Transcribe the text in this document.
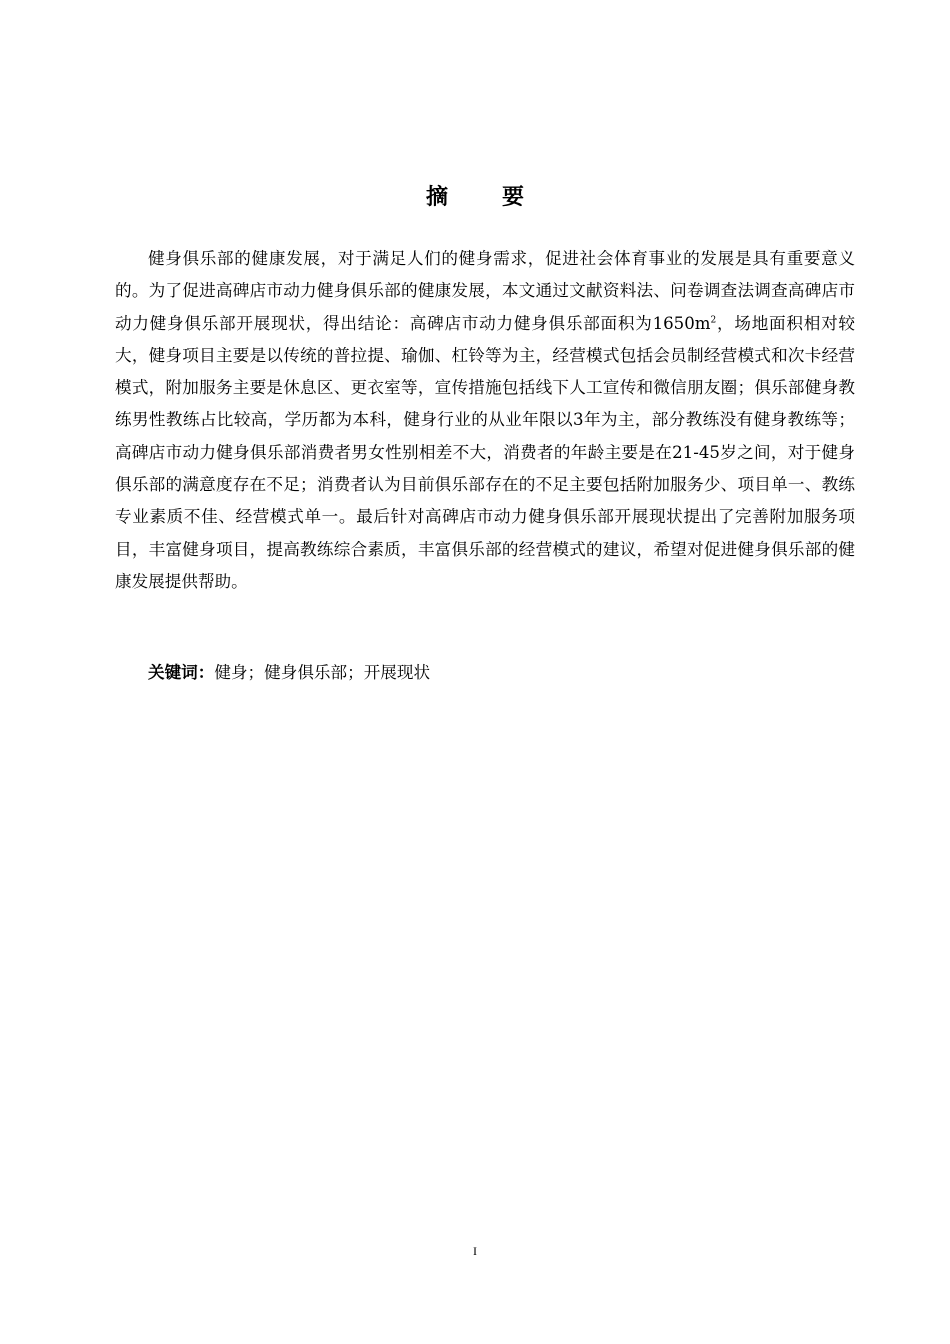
摘 要

健身俱乐部的健康发展，对于满足人们的健身需求，促进社会体育事业的发展是具有重要意义的。为了促进高碑店市动力健身俱乐部的健康发展，本文通过文献资料法、问卷调查法调查高碑店市动力健身俱乐部开展现状，得出结论：高碑店市动力健身俱乐部面积为$1650m^2$，场地面积相对较大，健身项目主要是以传统的普拉提、瑜伽、杠铃等为主，经营模式包括会员制经营模式和次卡经营模式，附加服务主要是休息区、更衣室等，宣传措施包括线下人工宣传和微信朋友圈；俱乐部健身教练男性教练占比较高，学历都为本科，健身行业的从业年限以3年为主，部分教练没有健身教练等；高碑店市动力健身俱乐部消费者男女性别相差不大，消费者的年龄主要是在21-45岁之间，对于健身俱乐部的满意度存在不足；消费者认为目前俱乐部存在的不足主要包括附加服务少、项目单一、教练专业素质不佳、经营模式单一。最后针对高碑店市动力健身俱乐部开展现状提出了完善附加服务项目，丰富健身项目，提高教练综合素质，丰富俱乐部的经营模式的建议，希望对促进健身俱乐部的健康发展提供帮助。

关键词：健身；健身俱乐部；开展现状

I
